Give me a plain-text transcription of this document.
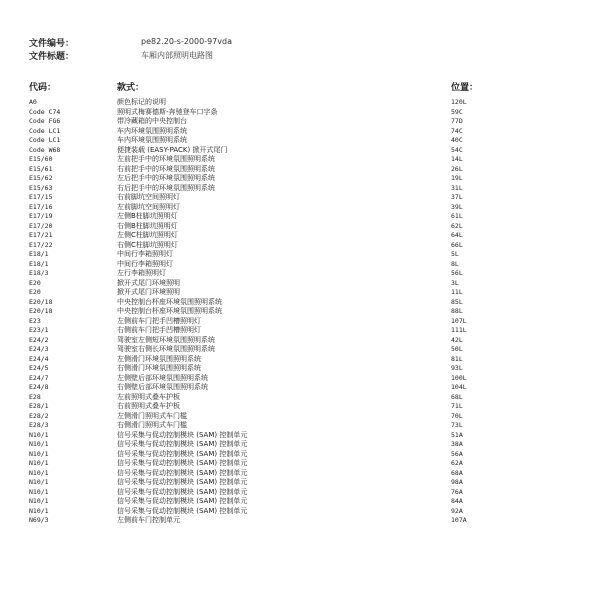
文件编号：	pe82.20-s-2000-97vda
文件标题：	车厢内部照明电路图
代码：	款式：	位置：
A0	颜色标记的说明	120L
Code C74	照明式梅赛德斯-奔驰登车口字条	59C
Code FG6	带冷藏箱的中央控制台	77D
Code LC1	车内环境氛围照明系统	74C
Code LC1	车内环境氛围照明系统	40C
Code W68	便捷装载 (EASY-PACK) 掀开式尾门	54C
E15/60	左前把手中的环境氛围照明系统	14L
E15/61	右前把手中的环境氛围照明系统	26L
E15/62	左后把手中的环境氛围照明系统	19L
E15/63	右后把手中的环境氛围照明系统	31L
E17/15	右前脚坑空间照明灯	37L
E17/16	左前脚坑空间照明灯	39L
E17/19	左侧B柱脚坑照明灯	61L
E17/20	右侧B柱脚坑照明灯	62L
E17/21	左侧C柱脚坑照明灯	64L
E17/22	右侧C柱脚坑照明灯	66L
E18/1	中间行李箱照明灯	5L
E18/1	中间行李箱照明灯	8L
E18/3	左行李箱照明灯	56L
E20	掀开式尾门环境照明	3L
E20	掀开式尾门环境照明	11L
E20/18	中央控制台杯座环境氛围照明系统	85L
E20/18	中央控制台杯座环境氛围照明系统	88L
E23	左侧前车门把手凹槽照明灯	107L
E23/1	右侧前车门把手凹槽照明灯	111L
E24/2	驾驶室左侧短环境氛围照明系统	42L
E24/3	驾驶室右侧长环境氛围照明系统	50L
E24/4	左侧滑门环境氛围照明系统	81L
E24/5	右侧滑门环境氛围照明系统	93L
E24/7	左侧壁后部环境氛围照明系统	100L
E24/8	右侧壁后部环境氛围照明系统	104L
E28	左前照明式叠车护板	68L
E28/1	右前照明式叠车护板	71L
E28/2	左侧滑门照明式车门槛	70L
E28/3	右侧滑门照明式车门槛	73L
N10/1	信号采集与促动控制模块 (SAM) 控制单元	51A
N10/1	信号采集与促动控制模块 (SAM) 控制单元	38A
N10/1	信号采集与促动控制模块 (SAM) 控制单元	56A
N10/1	信号采集与促动控制模块 (SAM) 控制单元	62A
N10/1	信号采集与促动控制模块 (SAM) 控制单元	68A
N10/1	信号采集与促动控制模块 (SAM) 控制单元	98A
N10/1	信号采集与促动控制模块 (SAM) 控制单元	76A
N10/1	信号采集与促动控制模块 (SAM) 控制单元	84A
N10/1	信号采集与促动控制模块 (SAM) 控制单元	92A
N69/3	左侧前车门控制单元	107A
